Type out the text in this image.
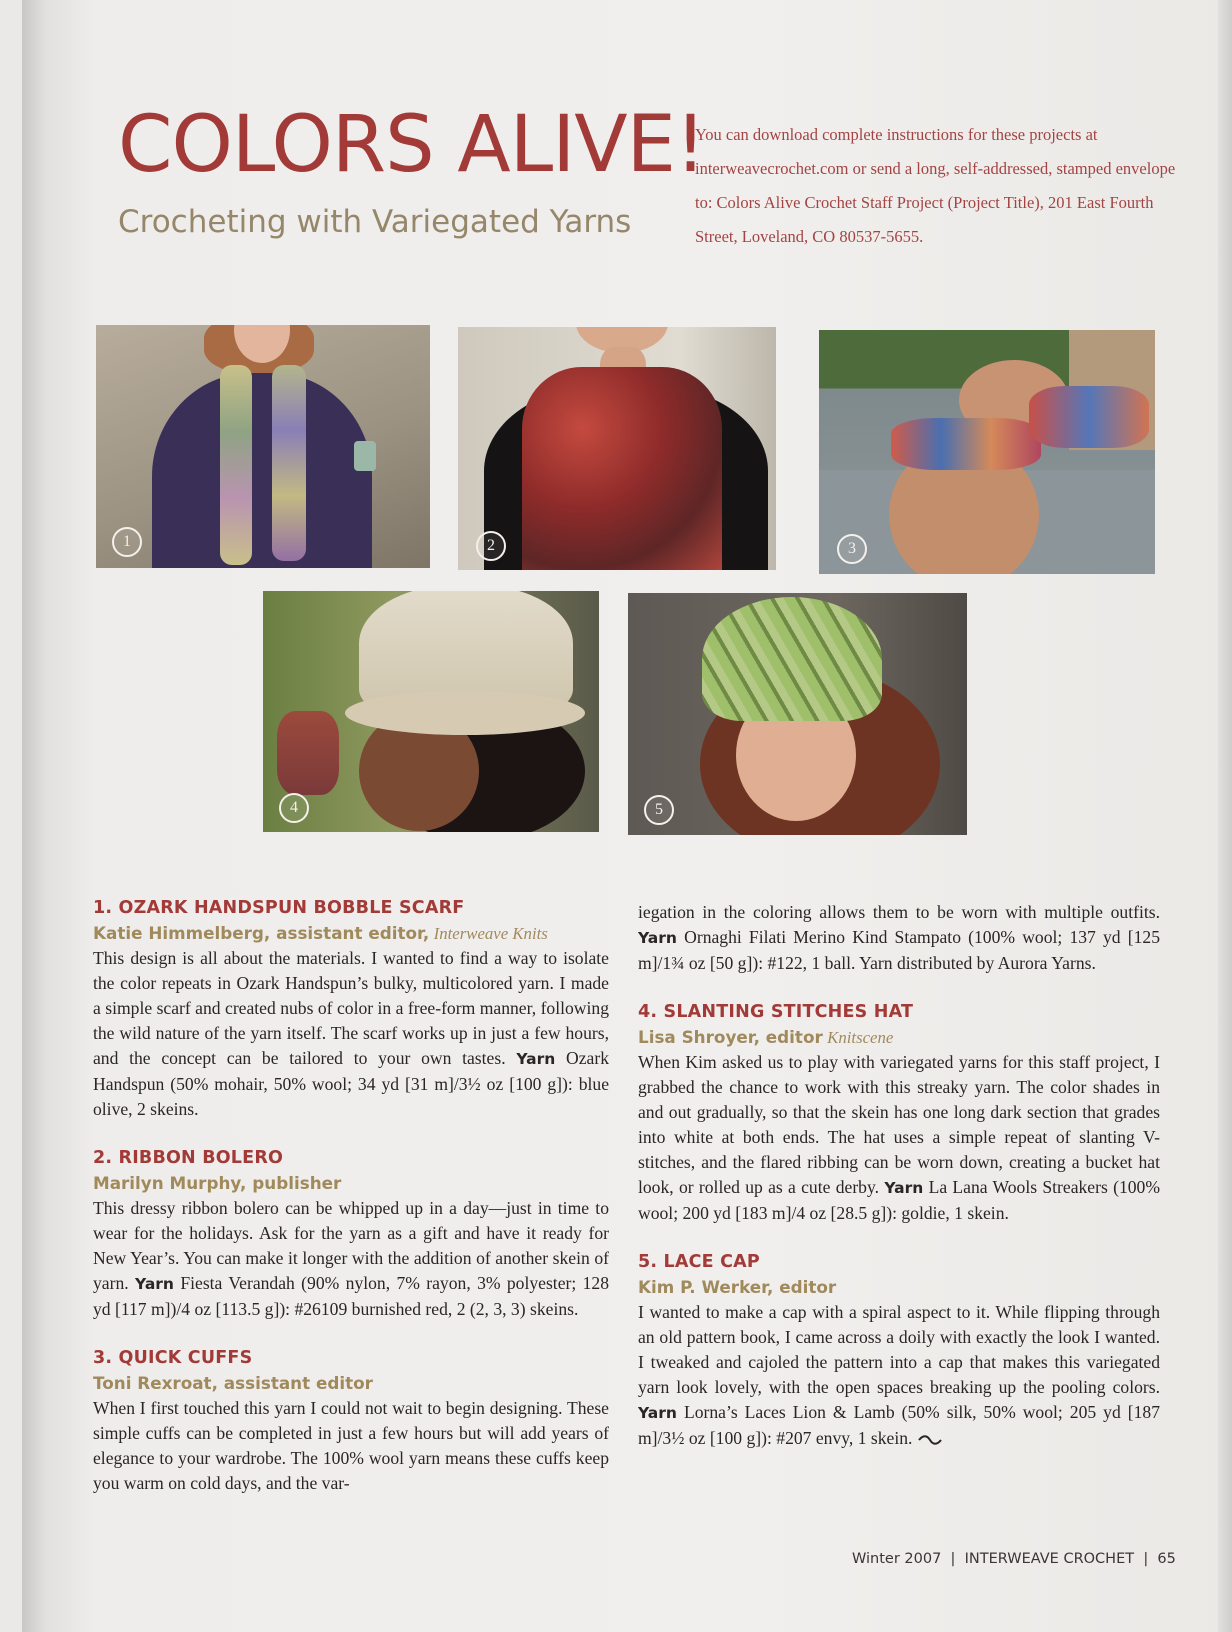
COLORS ALIVE!
Crocheting with Variegated Yarns
You can download complete instructions for these projects at interweavecrochet.com or send a long, self-addressed, stamped envelope to: Colors Alive Crochet Staff Project (Project Title), 201 East Fourth Street, Loveland, CO 80537-5655.
1	2	3
4	5
1. OZARK HANDSPUN BOBBLE SCARF
Katie Himmelberg, assistant editor, Interweave Knits

This design is all about the materials. I wanted to find a way to isolate the color repeats in Ozark Handspun’s bulky, multicolored yarn. I made a simple scarf and created nubs of color in a free-form manner, following the wild nature of the yarn itself. The scarf works up in just a few hours, and the concept can be tailored to your own tastes. Yarn Ozark Handspun (50% mohair, 50% wool; 34 yd [31 m]/3½ oz [100 g]): blue olive, 2 skeins.

2. RIBBON BOLERO
Marilyn Murphy, publisher

This dressy ribbon bolero can be whipped up in a day—just in time to wear for the holidays. Ask for the yarn as a gift and have it ready for New Year’s. You can make it longer with the addition of another skein of yarn. Yarn Fiesta Verandah (90% nylon, 7% rayon, 3% polyester; 128 yd [117 m])/4 oz [113.5 g]): #26109 burnished red, 2 (2, 3, 3) skeins.

3. QUICK CUFFS
Toni Rexroat, assistant editor

When I first touched this yarn I could not wait to begin designing. These simple cuffs can be completed in just a few hours but will add years of elegance to your wardrobe. The 100% wool yarn means these cuffs keep you warm on cold days, and the var-

iegation in the coloring allows them to be worn with multiple outfits. Yarn Ornaghi Filati Merino Kind Stampato (100% wool; 137 yd [125 m]/1¾ oz [50 g]): #122, 1 ball. Yarn distributed by Aurora Yarns.

4. SLANTING STITCHES HAT
Lisa Shroyer, editor Knitscene

When Kim asked us to play with variegated yarns for this staff project, I grabbed the chance to work with this streaky yarn. The color shades in and out gradually, so that the skein has one long dark section that grades into white at both ends. The hat uses a simple repeat of slanting V-stitches, and the flared ribbing can be worn down, creating a bucket hat look, or rolled up as a cute derby. Yarn La Lana Wools Streakers (100% wool; 200 yd [183 m]/4 oz [28.5 g]): goldie, 1 skein.

5. LACE CAP
Kim P. Werker, editor

I wanted to make a cap with a spiral aspect to it. While flipping through an old pattern book, I came across a doily with exactly the look I wanted. I tweaked and cajoled the pattern into a cap that makes this variegated yarn look lovely, with the open spaces breaking up the pooling colors. Yarn Lorna’s Laces Lion & Lamb (50% silk, 50% wool; 205 yd [187 m]/3½ oz [100 g]): #207 envy, 1 skein.

Winter 2007  |  INTERWEAVE CROCHET  |  65
